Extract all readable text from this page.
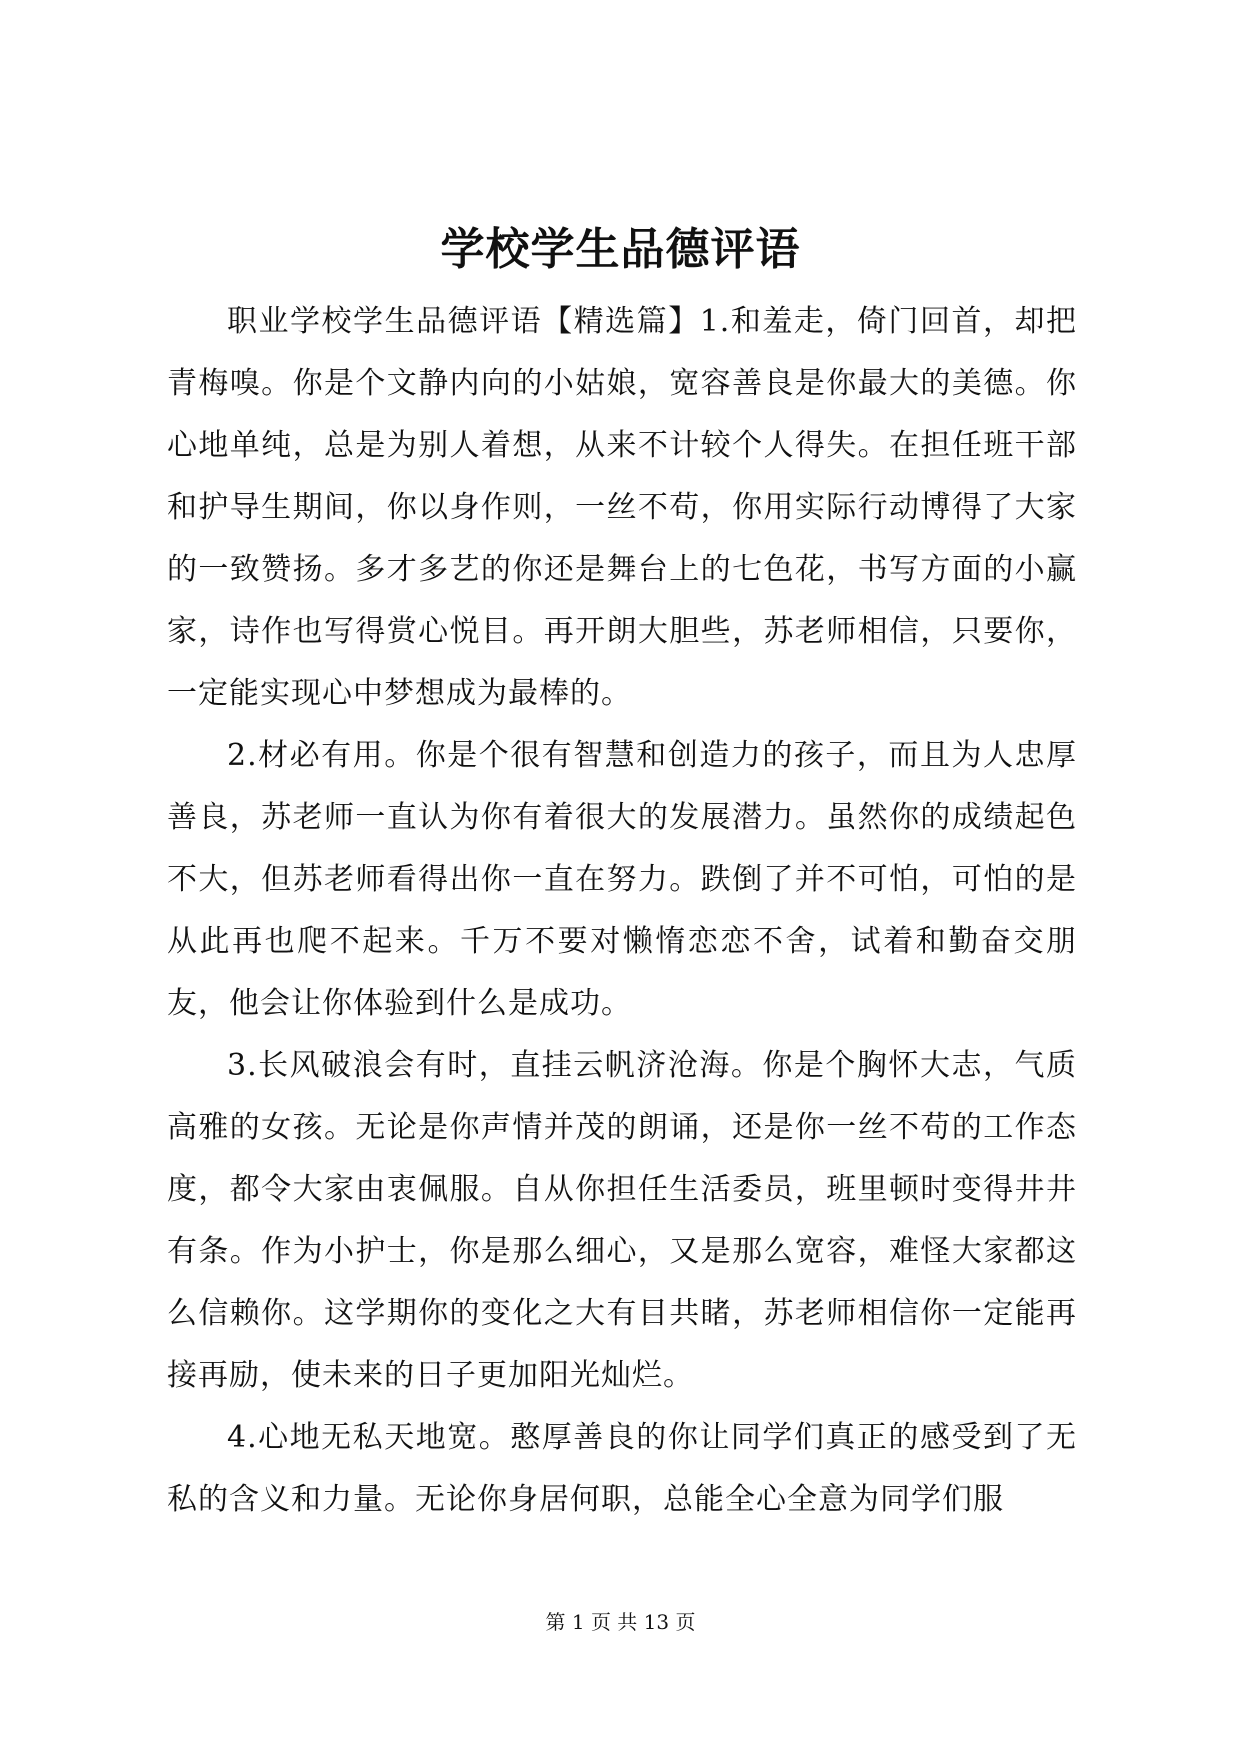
学校学生品德评语

职业学校学生品德评语【精选篇】1.和羞走，倚门回首，却把青梅嗅。你是个文静内向的小姑娘，宽容善良是你最大的美德。你心地单纯，总是为别人着想，从来不计较个人得失。在担任班干部和护导生期间，你以身作则，一丝不苟，你用实际行动博得了大家的一致赞扬。多才多艺的你还是舞台上的七色花，书写方面的小赢家，诗作也写得赏心悦目。再开朗大胆些，苏老师相信，只要你，一定能实现心中梦想成为最棒的。

2.材必有用。你是个很有智慧和创造力的孩子，而且为人忠厚善良，苏老师一直认为你有着很大的发展潜力。虽然你的成绩起色不大，但苏老师看得出你一直在努力。跌倒了并不可怕，可怕的是从此再也爬不起来。千万不要对懒惰恋恋不舍，试着和勤奋交朋友，他会让你体验到什么是成功。

3.长风破浪会有时，直挂云帆济沧海。你是个胸怀大志，气质高雅的女孩。无论是你声情并茂的朗诵，还是你一丝不苟的工作态度，都令大家由衷佩服。自从你担任生活委员，班里顿时变得井井有条。作为小护士，你是那么细心，又是那么宽容，难怪大家都这么信赖你。这学期你的变化之大有目共睹，苏老师相信你一定能再接再励，使未来的日子更加阳光灿烂。

4.心地无私天地宽。憨厚善良的你让同学们真正的感受到了无私的含义和力量。无论你身居何职，总能全心全意为同学们服

第 1 页 共 13 页
